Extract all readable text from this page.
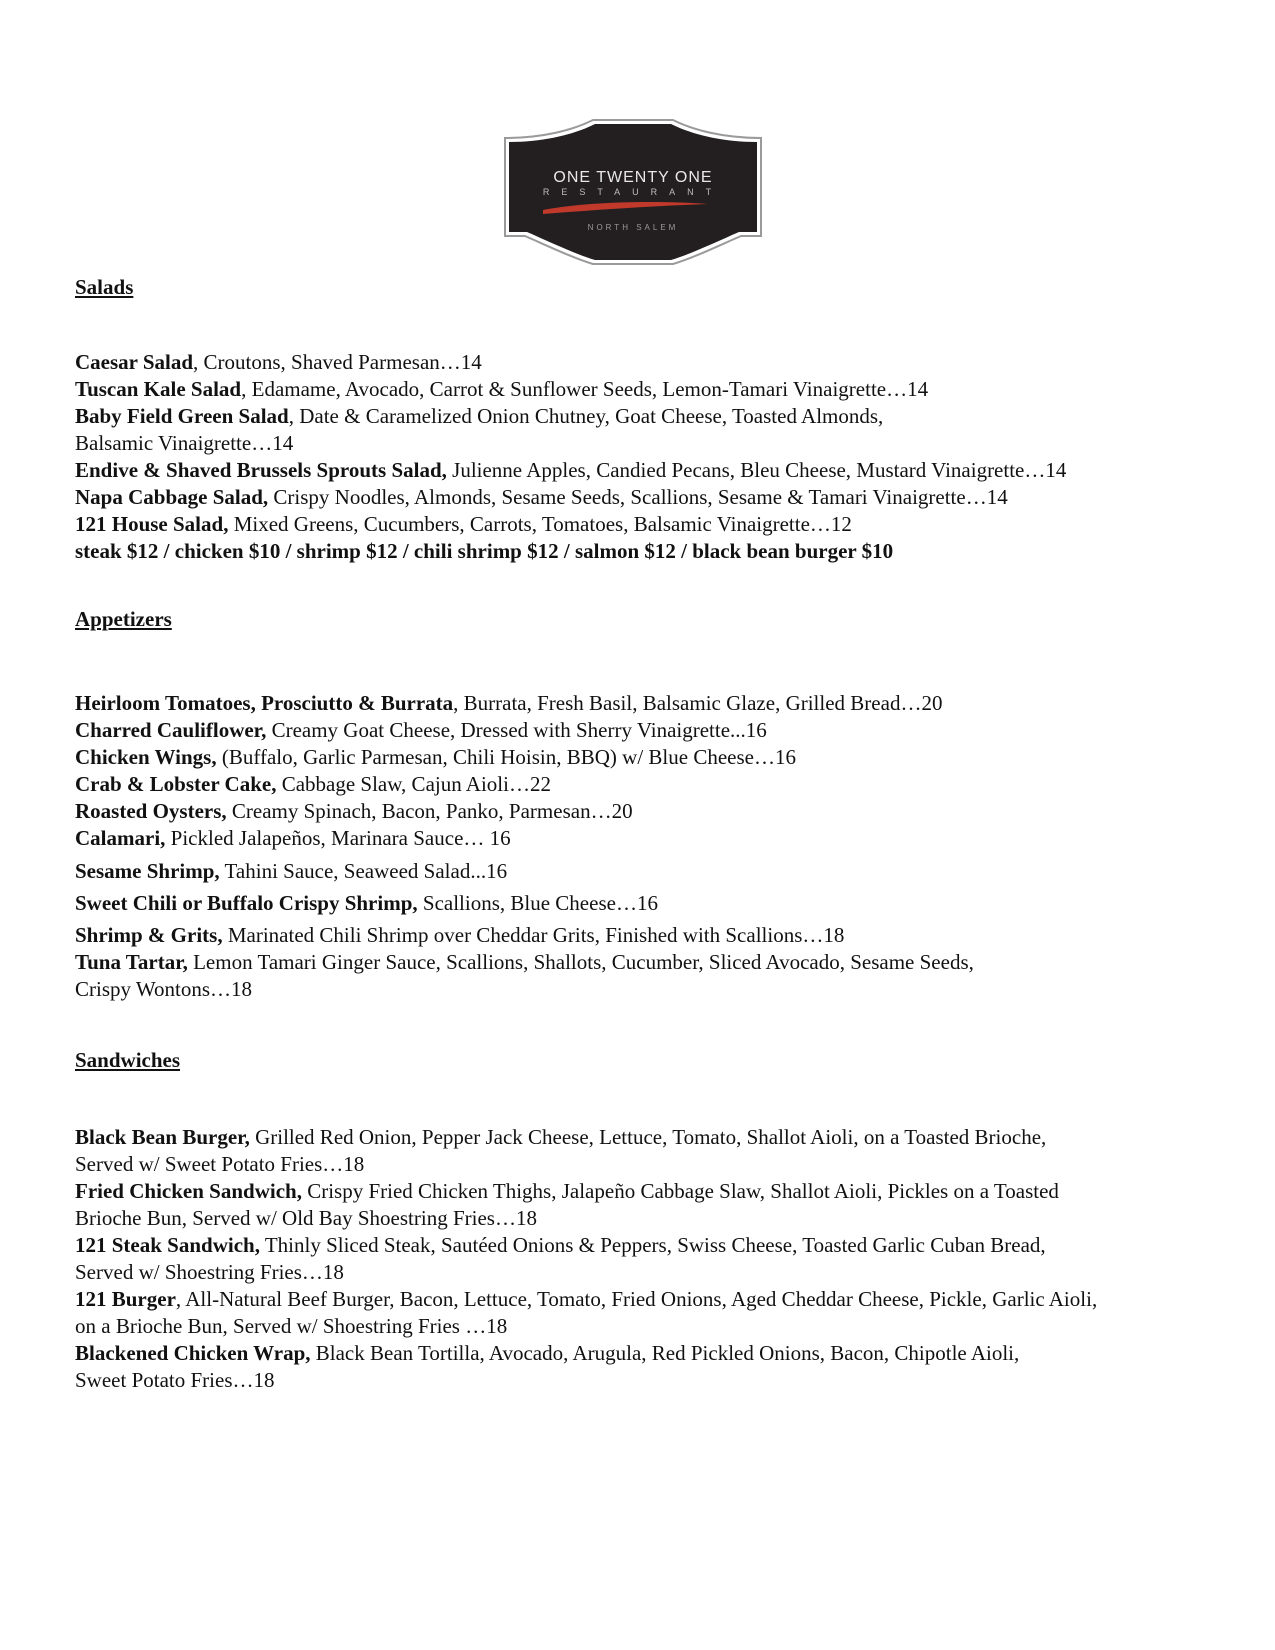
ONE TWENTY ONE
RESTAURANT
NORTH SALEM
Salads

Caesar Salad, Croutons, Shaved Parmesan…14

Tuscan Kale Salad, Edamame, Avocado, Carrot & Sunflower Seeds, Lemon-Tamari Vinaigrette…14

Baby Field Green Salad, Date & Caramelized Onion Chutney, Goat Cheese, Toasted Almonds,
Balsamic Vinaigrette…14

Endive & Shaved Brussels Sprouts Salad, Julienne Apples, Candied Pecans, Bleu Cheese, Mustard Vinaigrette…14

Napa Cabbage Salad, Crispy Noodles, Almonds, Sesame Seeds, Scallions, Sesame & Tamari Vinaigrette…14

121 House Salad, Mixed Greens, Cucumbers, Carrots, Tomatoes, Balsamic Vinaigrette…12

steak $12 / chicken $10 / shrimp $12 / chili shrimp $12 / salmon $12 / black bean burger $10

Appetizers

Heirloom Tomatoes, Prosciutto & Burrata, Burrata, Fresh Basil, Balsamic Glaze, Grilled Bread…20

Charred Cauliflower, Creamy Goat Cheese, Dressed with Sherry Vinaigrette...16

Chicken Wings, (Buffalo, Garlic Parmesan, Chili Hoisin, BBQ) w/ Blue Cheese…16

Crab & Lobster Cake, Cabbage Slaw, Cajun Aioli…22

Roasted Oysters, Creamy Spinach, Bacon, Panko, Parmesan…20

Calamari, Pickled Jalapeños, Marinara Sauce… 16

Sesame Shrimp, Tahini Sauce, Seaweed Salad...16

Sweet Chili or Buffalo Crispy Shrimp, Scallions, Blue Cheese…16

Shrimp & Grits, Marinated Chili Shrimp over Cheddar Grits, Finished with Scallions…18

Tuna Tartar, Lemon Tamari Ginger Sauce, Scallions, Shallots, Cucumber, Sliced Avocado, Sesame Seeds,
Crispy Wontons…18

Sandwiches

Black Bean Burger, Grilled Red Onion, Pepper Jack Cheese, Lettuce, Tomato, Shallot Aioli, on a Toasted Brioche,
Served w/ Sweet Potato Fries…18

Fried Chicken Sandwich, Crispy Fried Chicken Thighs, Jalapeño Cabbage Slaw, Shallot Aioli, Pickles on a Toasted
Brioche Bun, Served w/ Old Bay Shoestring Fries…18

121 Steak Sandwich, Thinly Sliced Steak, Sautéed Onions & Peppers, Swiss Cheese, Toasted Garlic Cuban Bread,
Served w/ Shoestring Fries…18

121 Burger, All-Natural Beef Burger, Bacon, Lettuce, Tomato, Fried Onions, Aged Cheddar Cheese, Pickle, Garlic Aioli,
on a Brioche Bun, Served w/ Shoestring Fries …18

Blackened Chicken Wrap, Black Bean Tortilla, Avocado, Arugula, Red Pickled Onions, Bacon, Chipotle Aioli,
Sweet Potato Fries…18
